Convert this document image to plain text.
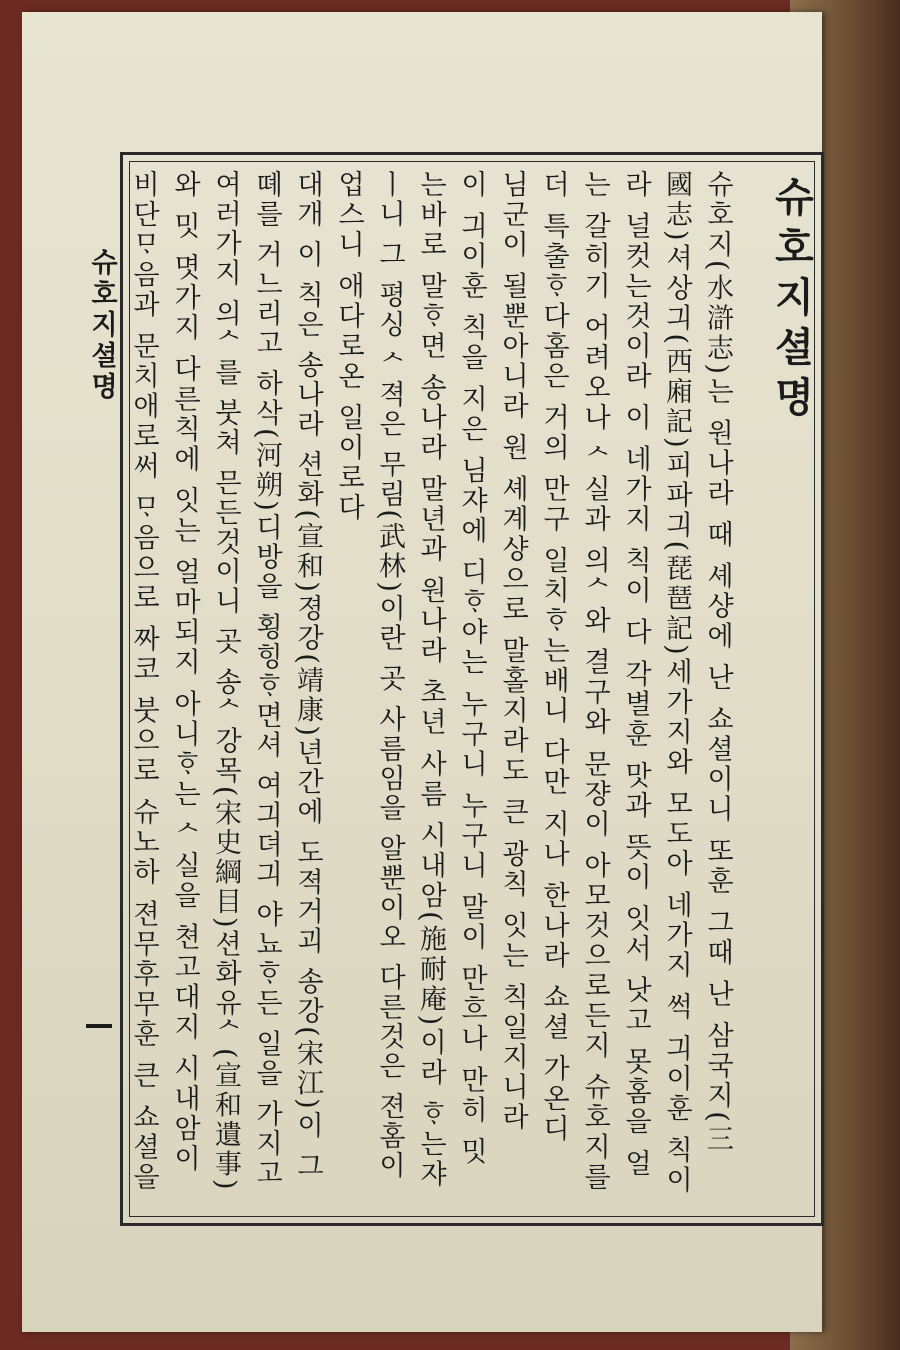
슈호지셜명	슈호지셜명
슈호지(水滸志)는 원나라 때 셰샹에 난 쇼셜이니 또훈 그때 난 삼국지(三
國志)셔상긔(西廂記)피파긔(琵琶記)세가지와 모도아 네가지 썩 긔이훈 칙이
라 널컷는것이라 이 네가지 칙이 다 각별훈 맛과 뜻이 잇서 낫고 못홈을 얼
는 갈히기 어려오나 ᄉ실과 의ᄉ와 결구와 문쟝이 아모것으로든지 슈호지를
더 특출ᄒᆞ다홈은 거의 만구 일치ᄒᆞ는배니 다만 지나 한나라 쇼셜 가온디
님군이 될뿐아니라 원 셰계샹으로 말홀지라도 큰 광칙 잇는 칙일지니라
이 긔이훈 칙을 지은 님쟈에 디ᄒᆞ야는 누구니 누구니 말이 만흐나 만히 밋
는바로 말ᄒᆞ면 송나라 말년과 원나라 초년 사름 시내암(施耐庵)이라 ᄒᆞ는쟈
ㅣ니 그 평싱 ᄉ젹은 무림(武林)이란 곳 사름임을 알뿐이오 다른것은 젼홈이
업스니 애다로온 일이로다
대개 이 칙은 송나라 션화(宣和)졍강(靖康)년간에 도젹거괴 송강(宋江)이 그
뗴를 거느리고 하삭(河朔)디방을 횡힝ᄒᆞ면셔 여긔뎌긔 야뇨ᄒᆞ든 일을 가지고
여러가지 의ᄉ를 붓쳐 믄든것이니 곳 송ᄉ강목(宋史綱目)션화유ᄉ(宣和遺事)
와 밋 몃가지 다른칙에 잇는 얼마되지 아니ᄒᆞ는 ᄉ실을 쳔고대지 시내암이
비단ᄆᆞ음과 문치애로써 ᄆᆞ음으로 짜코 붓으로 슈노하 젼무후무훈 큰 쇼셜을
